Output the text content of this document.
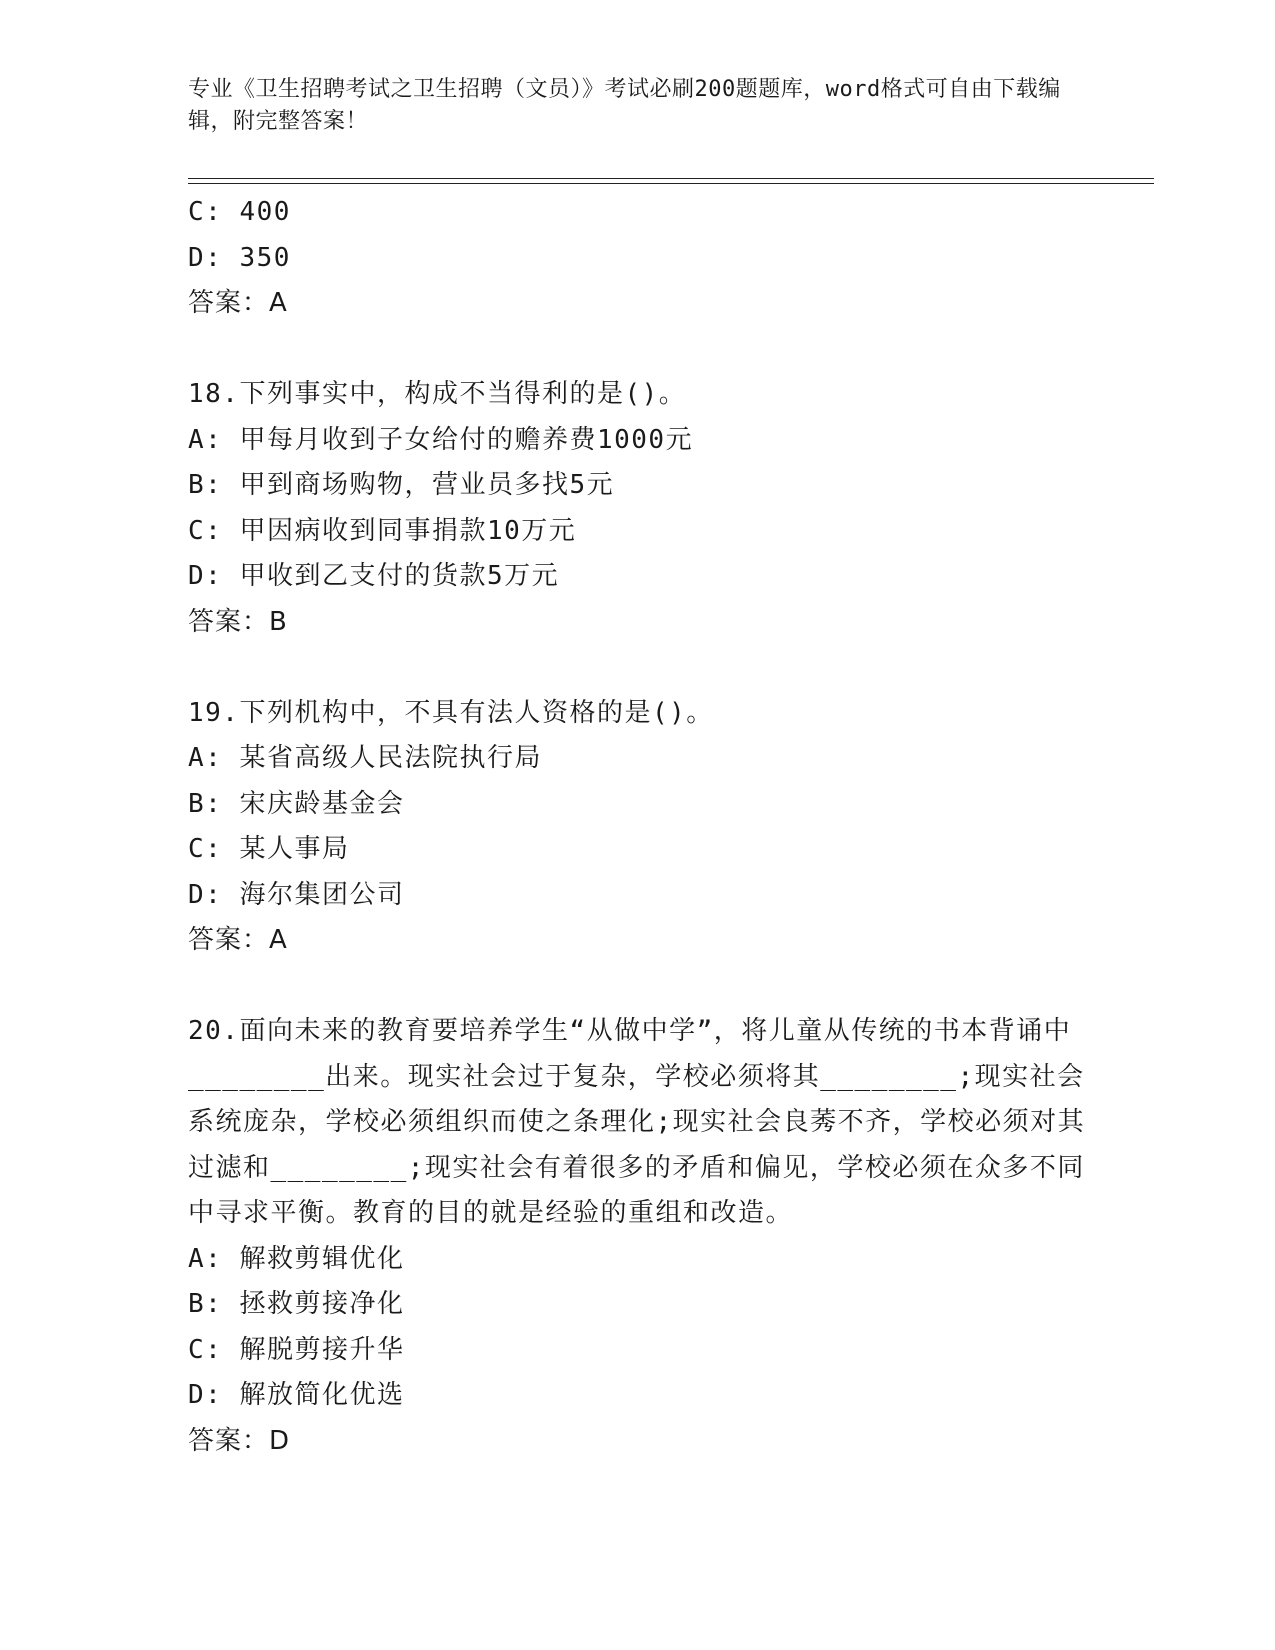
专业《卫生招聘考试之卫生招聘（文员）》考试必刷200题题库，word格式可自由下载编辑，附完整答案！
C: 400
D: 350
答案：A
18.下列事实中，构成不当得利的是()。
A: 甲每月收到子女给付的赡养费1000元
B: 甲到商场购物，营业员多找5元
C: 甲因病收到同事捐款10万元
D: 甲收到乙支付的货款5万元
答案：B
19.下列机构中，不具有法人资格的是()。
A: 某省高级人民法院执行局
B: 宋庆龄基金会
C: 某人事局
D: 海尔集团公司
答案：A
20.面向未来的教育要培养学生“从做中学”，将儿童从传统的书本背诵中________出来。现实社会过于复杂，学校必须将其________;现实社会系统庞杂，学校必须组织而使之条理化;现实社会良莠不齐，学校必须对其过滤和________;现实社会有着很多的矛盾和偏见，学校必须在众多不同中寻求平衡。教育的目的就是经验的重组和改造。
A: 解救剪辑优化
B: 拯救剪接净化
C: 解脱剪接升华
D: 解放简化优选
答案：D
